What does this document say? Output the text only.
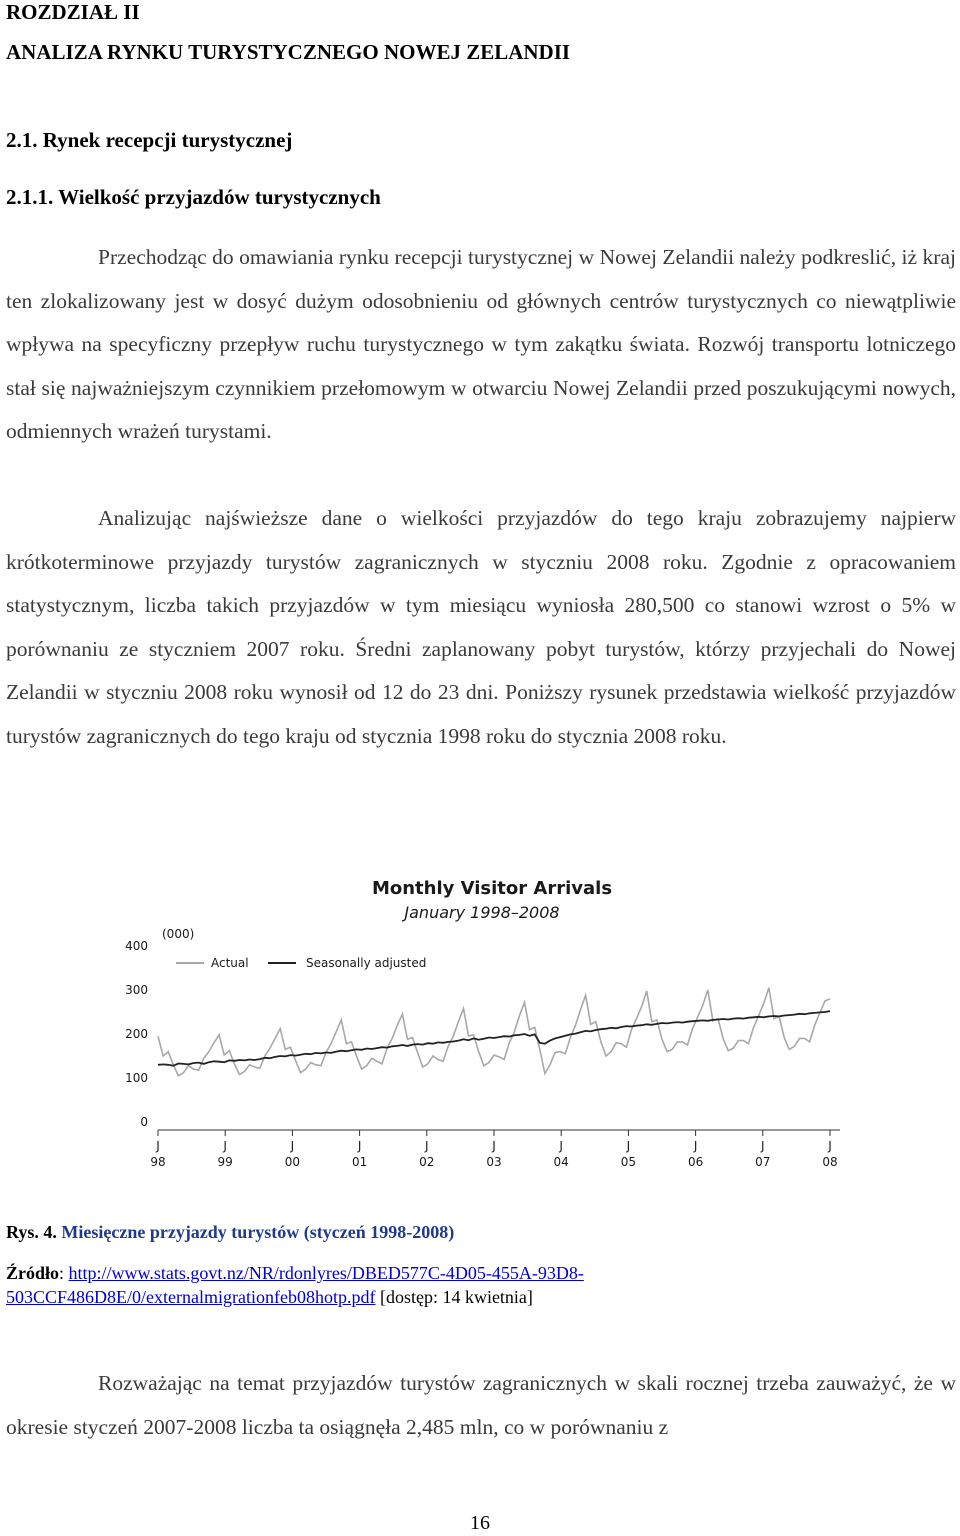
ROZDZIAŁ II
ANALIZA RYNKU TURYSTYCZNEGO NOWEJ ZELANDII
2.1. Rynek recepcji turystycznej
2.1.1. Wielkość przyjazdów turystycznych

Przechodząc do omawiania rynku recepcji turystycznej w Nowej Zelandii należy podkreslić, iż kraj ten zlokalizowany jest w dosyć dużym odosobnieniu od głównych centrów turystycznych co niewątpliwie wpływa na specyficzny przepływ ruchu turystycznego w tym zakątku świata. Rozwój transportu lotniczego stał się najważniejszym czynnikiem przełomowym w otwarciu Nowej Zelandii przed poszukującymi nowych, odmiennych wrażeń turystami.

Analizując najświeższe dane o wielkości przyjazdów do tego kraju zobrazujemy najpierw krótkoterminowe przyjazdy turystów zagranicznych w styczniu 2008 roku. Zgodnie z opracowaniem statystycznym, liczba takich przyjazdów w tym miesiącu wyniosła 280,500 co stanowi wzrost o 5% w porównaniu ze styczniem 2007 roku. Średni zaplanowany pobyt turystów, którzy przyjechali do Nowej Zelandii w styczniu 2008 roku wynosił od 12 do 23 dni. Poniższy rysunek przedstawia wielkość przyjazdów turystów zagranicznych do tego kraju od stycznia 1998 roku do stycznia 2008 roku.

Monthly Visitor Arrivals
January 1998–2008
(000)
Actual	Seasonally adjusted
0
100
200
300
400
J
98
J
99
J
00
J
01
J
02
J
03
J
04
J
05
J
06
J
07
J
08

Rys. 4. Miesięczne przyjazdy turystów (styczeń 1998-2008)

Źródło: http://www.stats.govt.nz/NR/rdonlyres/DBED577C-4D05-455A-93D8-503CCF486D8E/0/externalmigrationfeb08hotp.pdf [dostęp: 14 kwietnia]

Rozważając na temat przyjazdów turystów zagranicznych w skali rocznej trzeba zauważyć, że w okresie styczeń 2007-2008 liczba ta osiągnęła 2,485 mln, co w porównaniu z

16
